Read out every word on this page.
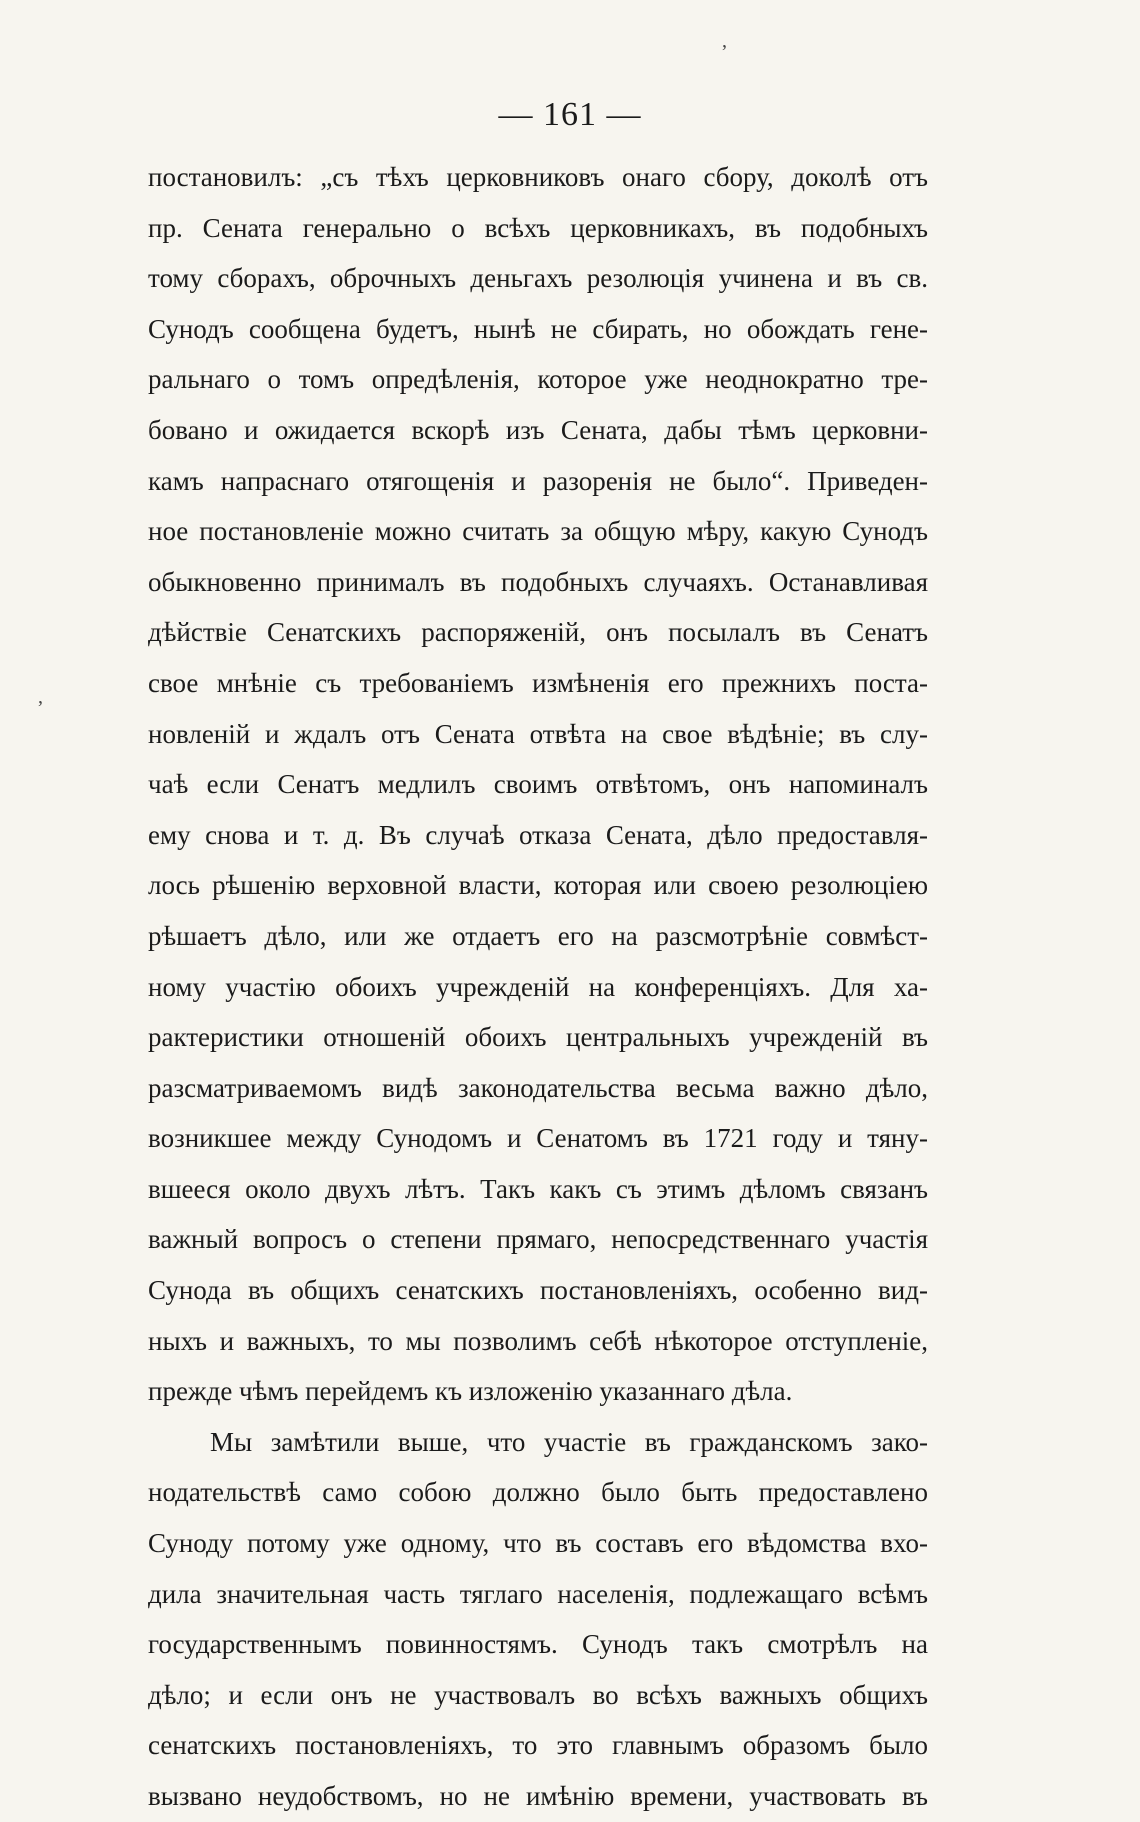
— 161 —
постановилъ: „съ тѣхъ церковниковъ онаго сбору, доколѣ отъ
пр. Сената генерально о всѣхъ церковникахъ, въ подобныхъ
тому сборахъ, оброчныхъ деньгахъ резолюція учинена и въ св.
Сунодъ сообщена будетъ, нынѣ не сбирать, но обождать гене-
ральнаго о томъ опредѣленія, которое уже неоднократно тре-
бовано и ожидается вскорѣ изъ Сената, дабы тѣмъ церковни-
камъ напраснаго отягощенія и разоренія не было“. Приведен-
ное постановленіе можно считать за общую мѣру, какую Сунодъ
обыкновенно принималъ въ подобныхъ случаяхъ. Останавливая
дѣйствіе Сенатскихъ распоряженій, онъ посылалъ въ Сенатъ
свое мнѣніе съ требованіемъ измѣненія его прежнихъ поста-
новленій и ждалъ отъ Сената отвѣта на свое вѣдѣніе; въ слу-
чаѣ если Сенатъ медлилъ своимъ отвѣтомъ, онъ напоминалъ
ему снова и т. д. Въ случаѣ отказа Сената, дѣло предоставля-
лось рѣшенію верховной власти, которая или своею резолюціею
рѣшаетъ дѣло, или же отдаетъ его на разсмотрѣніе совмѣст-
ному участію обоихъ учрежденій на конференціяхъ. Для ха-
рактеристики отношеній обоихъ центральныхъ учрежденій въ
разсматриваемомъ видѣ законодательства весьма важно дѣло,
возникшее между Сунодомъ и Сенатомъ въ 1721 году и тяну-
вшееся около двухъ лѣтъ. Такъ какъ съ этимъ дѣломъ связанъ
важный вопросъ о степени прямаго, непосредственнаго участія
Сунода въ общихъ сенатскихъ постановленіяхъ, особенно вид-
ныхъ и важныхъ, то мы позволимъ себѣ нѣкоторое отступленіе,
прежде чѣмъ перейдемъ къ изложенію указаннаго дѣла.
Мы замѣтили выше, что участіе въ гражданскомъ зако-
нодательствѣ само собою должно было быть предоставлено
Суноду потому уже одному, что въ составъ его вѣдомства вхо-
дила значительная часть тяглаго населенія, подлежащаго всѣмъ
государственнымъ повинностямъ. Сунодъ такъ смотрѣлъ на
дѣло; и если онъ не участвовалъ во всѣхъ важныхъ общихъ
сенатскихъ постановленіяхъ, то это главнымъ образомъ было
вызвано неудобствомъ, но не имѣнію времени, участвовать въ
,
,
